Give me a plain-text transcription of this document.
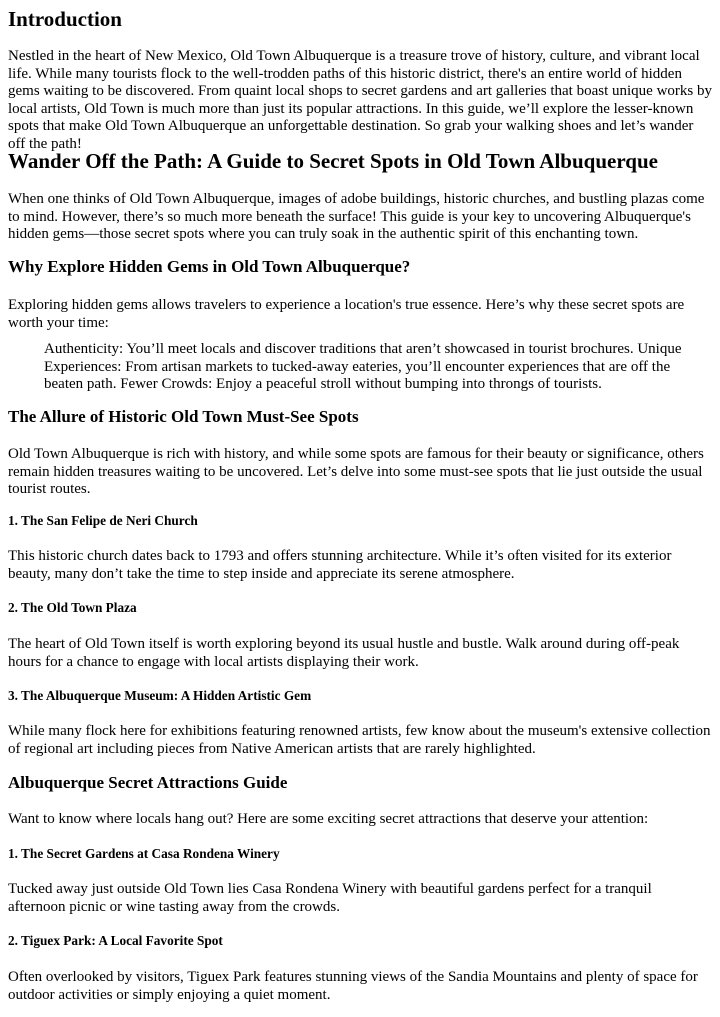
Introduction

Nestled in the heart of New Mexico, Old Town Albuquerque is a treasure trove of history, culture, and vibrant local life. While many tourists flock to the well-trodden paths of this historic district, there's an entire world of hidden gems waiting to be discovered. From quaint local shops to secret gardens and art galleries that boast unique works by local artists, Old Town is much more than just its popular attractions. In this guide, we’ll explore the lesser-known spots that make Old Town Albuquerque an unforgettable destination. So grab your walking shoes and let’s wander off the path!

Wander Off the Path: A Guide to Secret Spots in Old Town Albuquerque

When one thinks of Old Town Albuquerque, images of adobe buildings, historic churches, and bustling plazas come to mind. However, there’s so much more beneath the surface! This guide is your key to uncovering Albuquerque's hidden gems—those secret spots where you can truly soak in the authentic spirit of this enchanting town.

Why Explore Hidden Gems in Old Town Albuquerque?

Exploring hidden gems allows travelers to experience a location's true essence. Here’s why these secret spots are worth your time:

Authenticity: You’ll meet locals and discover traditions that aren’t showcased in tourist brochures. Unique Experiences: From artisan markets to tucked-away eateries, you’ll encounter experiences that are off the beaten path. Fewer Crowds: Enjoy a peaceful stroll without bumping into throngs of tourists.

The Allure of Historic Old Town Must-See Spots

Old Town Albuquerque is rich with history, and while some spots are famous for their beauty or significance, others remain hidden treasures waiting to be uncovered. Let’s delve into some must-see spots that lie just outside the usual tourist routes.

1. The San Felipe de Neri Church

This historic church dates back to 1793 and offers stunning architecture. While it’s often visited for its exterior beauty, many don’t take the time to step inside and appreciate its serene atmosphere.

2. The Old Town Plaza

The heart of Old Town itself is worth exploring beyond its usual hustle and bustle. Walk around during off-peak hours for a chance to engage with local artists displaying their work.

3. The Albuquerque Museum: A Hidden Artistic Gem

While many flock here for exhibitions featuring renowned artists, few know about the museum's extensive collection of regional art including pieces from Native American artists that are rarely highlighted.

Albuquerque Secret Attractions Guide

Want to know where locals hang out? Here are some exciting secret attractions that deserve your attention:

1. The Secret Gardens at Casa Rondena Winery

Tucked away just outside Old Town lies Casa Rondena Winery with beautiful gardens perfect for a tranquil afternoon picnic or wine tasting away from the crowds.

2. Tiguex Park: A Local Favorite Spot

Often overlooked by visitors, Tiguex Park features stunning views of the Sandia Mountains and plenty of space for outdoor activities or simply enjoying a quiet moment.
